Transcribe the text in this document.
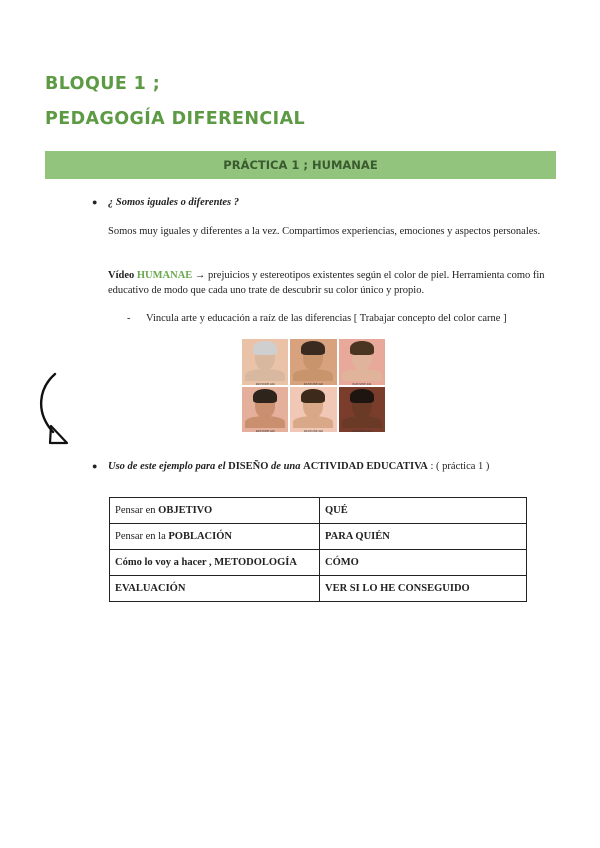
BLOQUE 1 ;
PEDAGOGÍA DIFERENCIAL
PRÁCTICA 1 ; HUMANAE
● ¿ Somos iguales o diferentes ?
Somos muy iguales y diferentes a la vez. Compartimos experiencias, emociones y aspectos personales.
Vídeo HUMANAE → prejuicios y estereotipos existentes según el color de piel. Herramienta como fin educativo de modo que cada uno trate de descubrir su color único y propio.
- Vincula arte y educación a raíz de las diferencias [ Trabajar concepto del color carne ]
PANTONE ###	PANTONE ###	PANTONE ###
PANTONE ###	PANTONE ###	PANTONE ###
● Uso de este ejemplo para el DISEÑO de una ACTIVIDAD EDUCATIVA : ( práctica 1 )
Pensar en OBJETIVO	QUÉ
Pensar en la POBLACIÓN	PARA QUIÉN
Cómo lo voy a hacer , METODOLOGÍA	CÓMO
EVALUACIÓN	VER SI LO HE CONSEGUIDO
